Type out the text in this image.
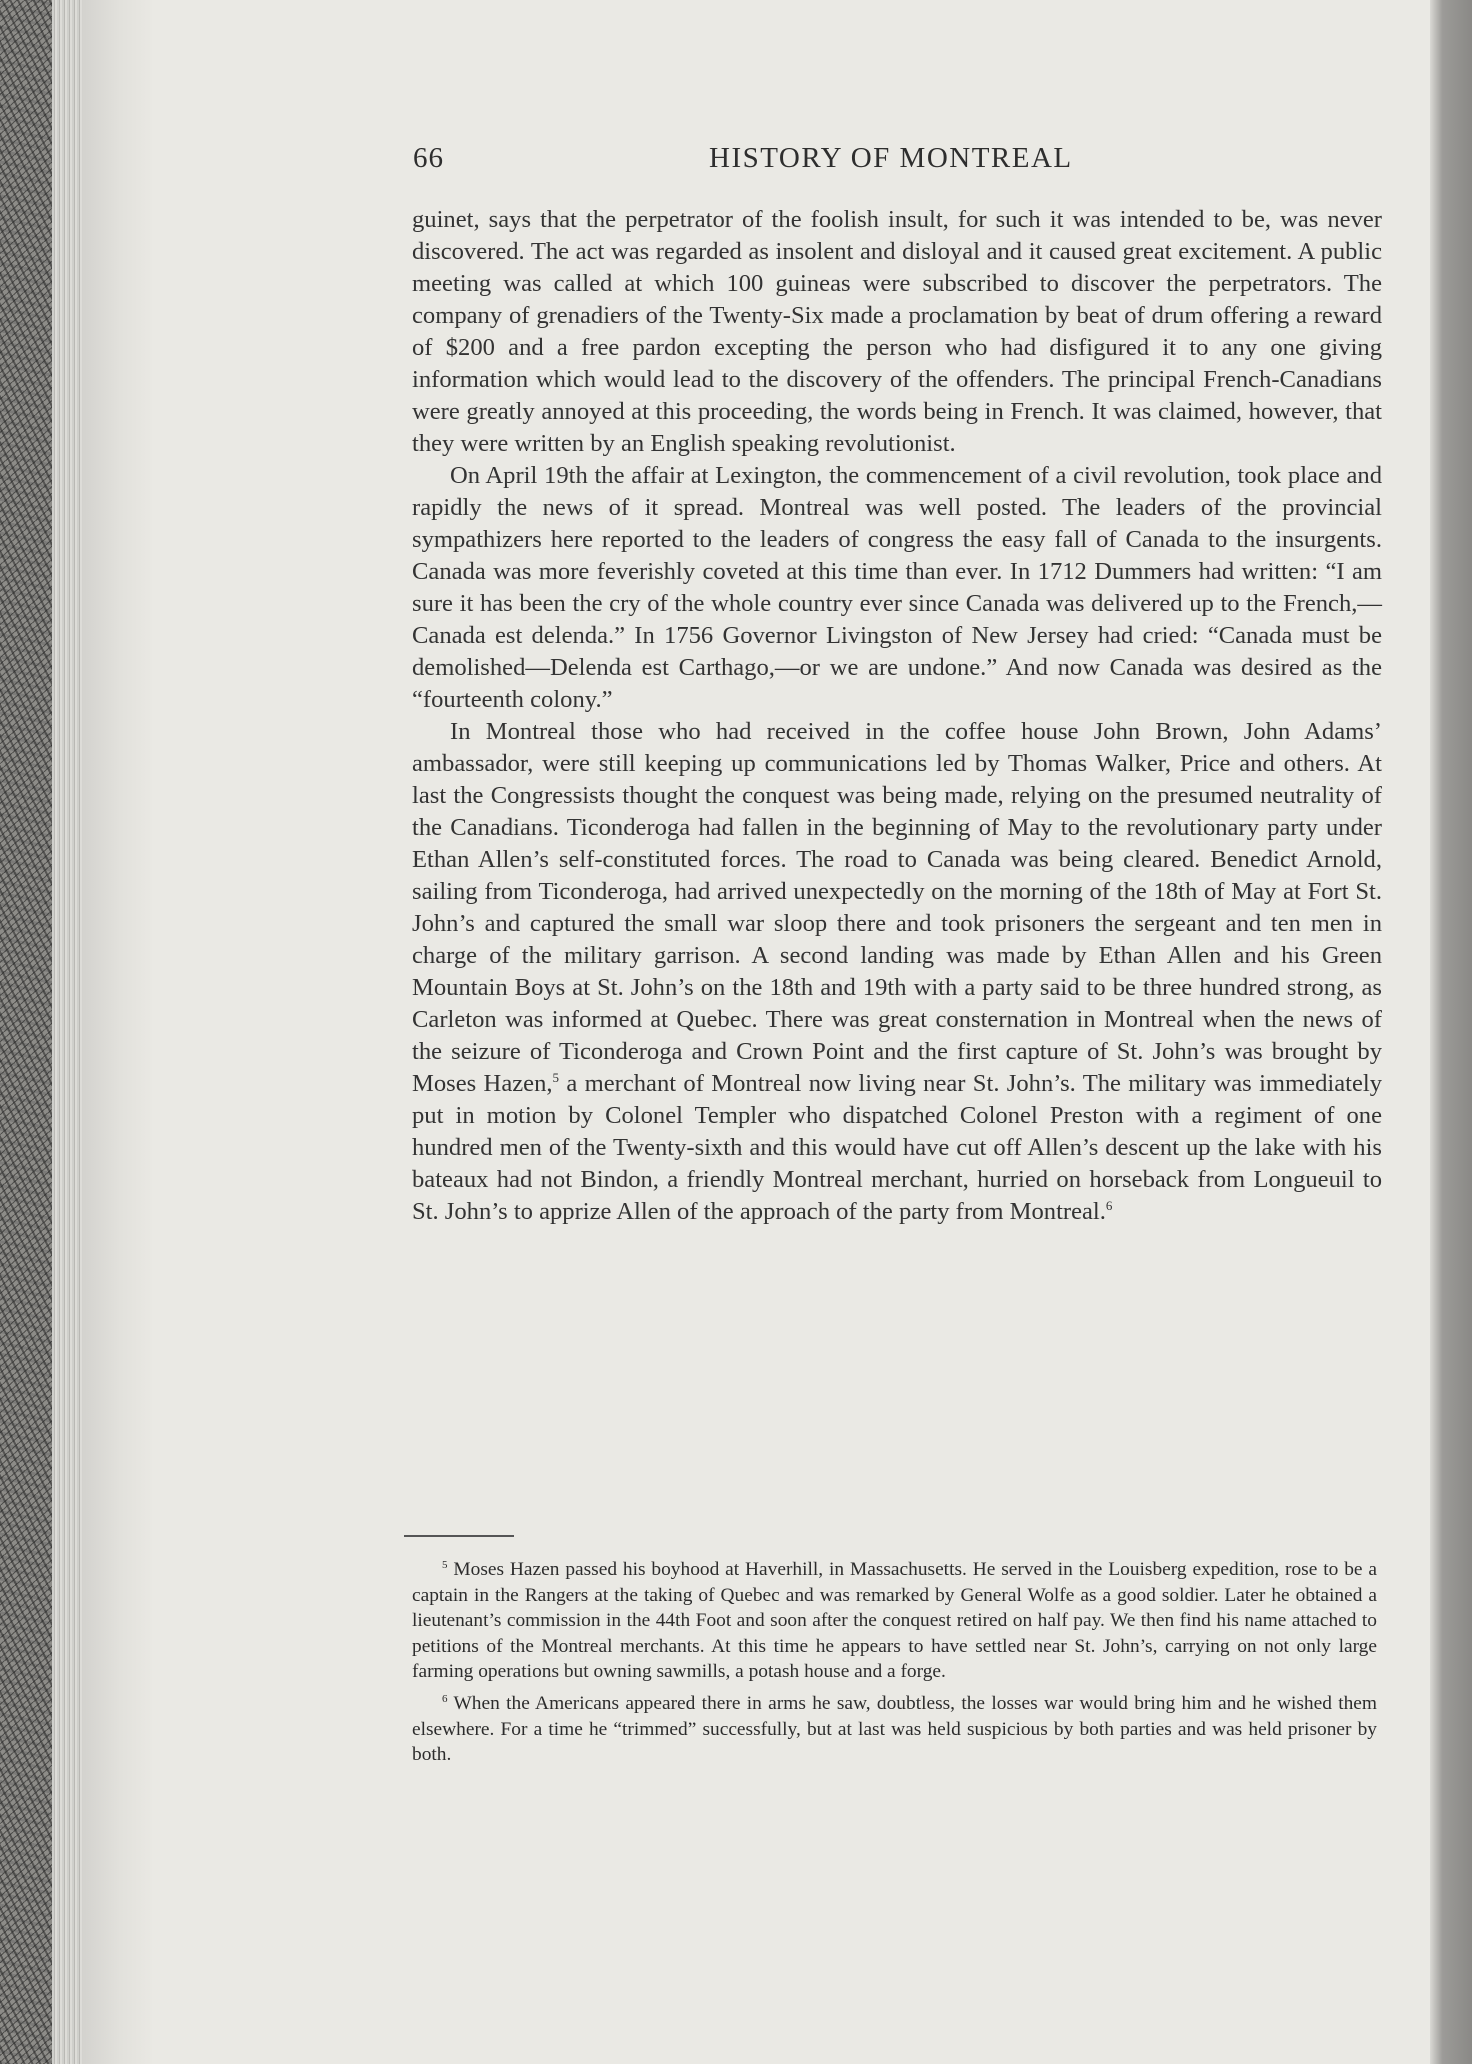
66	HISTORY OF MONTREAL

guinet, says that the perpetrator of the foolish insult, for such it was intended to be, was never discovered. The act was regarded as insolent and disloyal and it caused great excitement. A public meeting was called at which 100 guineas were subscribed to discover the perpetrators. The company of grenadiers of the Twenty-Six made a proclamation by beat of drum offering a reward of $200 and a free pardon excepting the person who had disfigured it to any one giving information which would lead to the discovery of the offenders. The principal French-Canadians were greatly annoyed at this proceeding, the words being in French. It was claimed, however, that they were written by an English speaking revolutionist.

On April 19th the affair at Lexington, the commencement of a civil revolution, took place and rapidly the news of it spread. Montreal was well posted. The leaders of the provincial sympathizers here reported to the leaders of congress the easy fall of Canada to the insurgents. Canada was more feverishly coveted at this time than ever. In 1712 Dummers had written: “I am sure it has been the cry of the whole country ever since Canada was delivered up to the French,—Canada est delenda.” In 1756 Governor Livingston of New Jersey had cried: “Canada must be demolished—Delenda est Carthago,—or we are undone.” And now Canada was desired as the “fourteenth colony.”

In Montreal those who had received in the coffee house John Brown, John Adams’ ambassador, were still keeping up communications led by Thomas Walker, Price and others. At last the Congressists thought the conquest was being made, relying on the presumed neutrality of the Canadians. Ticonderoga had fallen in the beginning of May to the revolutionary party under Ethan Allen’s self-constituted forces. The road to Canada was being cleared. Benedict Arnold, sailing from Ticonderoga, had arrived unexpectedly on the morning of the 18th of May at Fort St. John’s and captured the small war sloop there and took prisoners the sergeant and ten men in charge of the military garrison. A second landing was made by Ethan Allen and his Green Mountain Boys at St. John’s on the 18th and 19th with a party said to be three hundred strong, as Carleton was informed at Quebec. There was great consternation in Montreal when the news of the seizure of Ticonderoga and Crown Point and the first capture of St. John’s was brought by Moses Hazen,$^5$ a merchant of Montreal now living near St. John’s. The military was immediately put in motion by Colonel Templer who dispatched Colonel Preston with a regiment of one hundred men of the Twenty-sixth and this would have cut off Allen’s descent up the lake with his bateaux had not Bindon, a friendly Montreal merchant, hurried on horseback from Longueuil to St. John’s to apprize Allen of the approach of the party from Montreal.$^6$

$^5$ Moses Hazen passed his boyhood at Haverhill, in Massachusetts. He served in the Louisberg expedition, rose to be a captain in the Rangers at the taking of Quebec and was remarked by General Wolfe as a good soldier. Later he obtained a lieutenant’s commission in the 44th Foot and soon after the conquest retired on half pay. We then find his name attached to petitions of the Montreal merchants. At this time he appears to have settled near St. John’s, carrying on not only large farming operations but owning sawmills, a potash house and a forge.

$^6$ When the Americans appeared there in arms he saw, doubtless, the losses war would bring him and he wished them elsewhere. For a time he “trimmed” successfully, but at last was held suspicious by both parties and was held prisoner by both.
